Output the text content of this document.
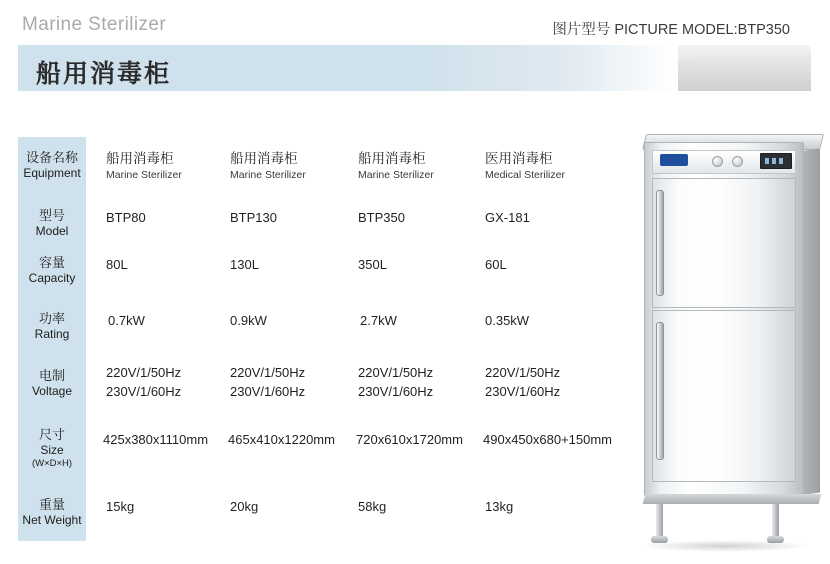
Marine Sterilizer	图片型号 PICTURE MODEL:BTP350
船用消毒柜
设备名称
Equipment
型号
Model
容量
Capacity
功率
Rating
电制
Voltage
尺寸
Size
(W×D×H)
重量
Net Weight
船用消毒柜
Marine Sterilizer
BTP80
80L
0.7kW
220V/1/50Hz
230V/1/60Hz
425x380x1110mm
15kg
船用消毒柜
Marine Sterilizer
BTP130
130L
0.9kW
220V/1/50Hz
230V/1/60Hz
465x410x1220mm
20kg
船用消毒柜
Marine Sterilizer
BTP350
350L
2.7kW
220V/1/50Hz
230V/1/60Hz
720x610x1720mm
58kg
医用消毒柜
Medical Sterilizer
GX-181
60L
0.35kW
220V/1/50Hz
230V/1/60Hz
490x450x680+150mm
13kg
